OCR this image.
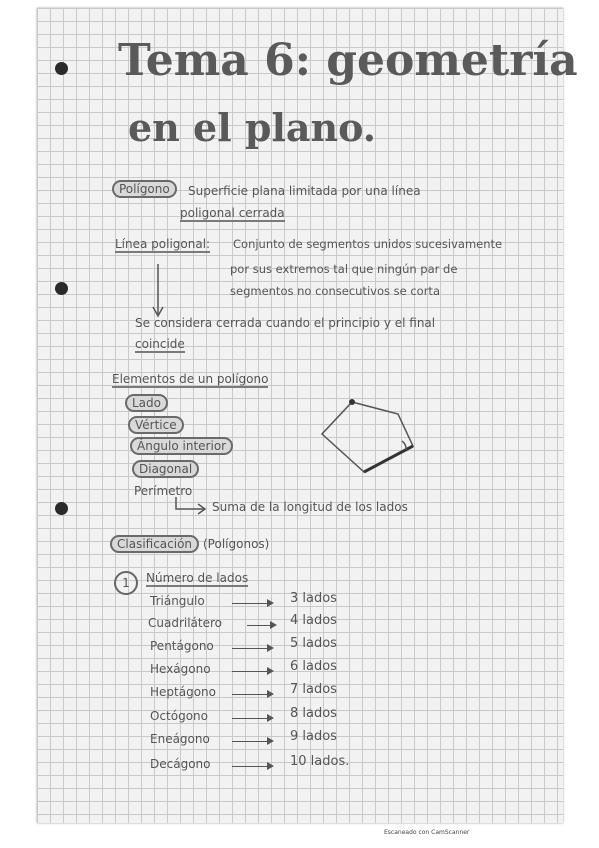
Tema 6: geometría
en el plano.
Polígono	Superficie plana limitada por una línea
poligonal cerrada
Línea poligonal: Conjunto de segmentos unidos sucesivamente
por sus extremos tal que ningún par de
segmentos no consecutivos se corta
Se considera cerrada cuando el principio y el final
coincide
Elementos de un polígono
Lado
Vértice
Ángulo interior
Diagonal
Perímetro
Suma de la longitud de los lados
Clasificación (Polígonos)
1	Número de lados
Triángulo	3 lados
Cuadrilátero	4 lados
Pentágono	5 lados
Hexágono	6 lados
Heptágono	7 lados
Octógono	8 lados
Eneágono	9 lados
Decágono	10 lados.
Escaneado con CamScanner
